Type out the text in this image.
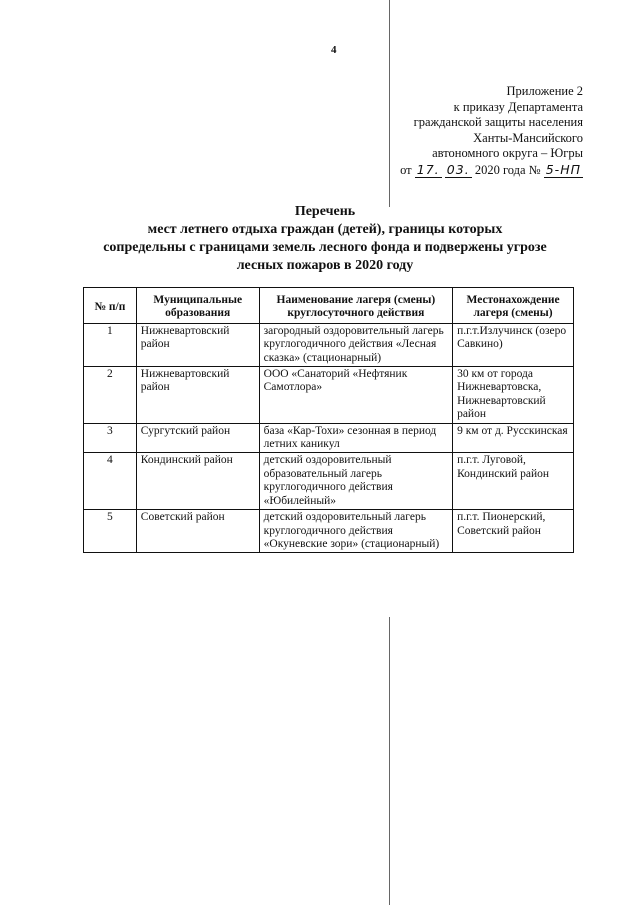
4
Приложение 2
к приказу Департамента
гражданской защиты населения
Ханты-Мансийского
автономного округа – Югры
от 17. 03. 2020 года № 5-НП
Перечень
мест летнего отдыха граждан (детей), границы которых
сопредельны с границами земель лесного фонда и подвержены угрозе
лесных пожаров в 2020 году
№ п/п	Муниципальные образования	Наименование лагеря (смены) круглосуточного действия	Местонахождение лагеря (смены)
1	Нижневартовский район	загородный оздоровительный лагерь круглогодичного действия «Лесная сказка» (стационарный)	п.г.т.Излучинск (озеро Савкино)
2	Нижневартовский район	ООО «Санаторий «Нефтяник Самотлора»	30 км от города Нижневартовска, Нижневартовский район
3	Сургутский район	база «Кар-Тохи» сезонная в период летних каникул	9 км от д. Русскинская
4	Кондинский район	детский оздоровительный образовательный лагерь круглогодичного действия «Юбилейный»	п.г.т. Луговой, Кондинский район
5	Советский район	детский оздоровительный лагерь круглогодичного действия «Окуневские зори» (стационарный)	п.г.т. Пионерский, Советский район
